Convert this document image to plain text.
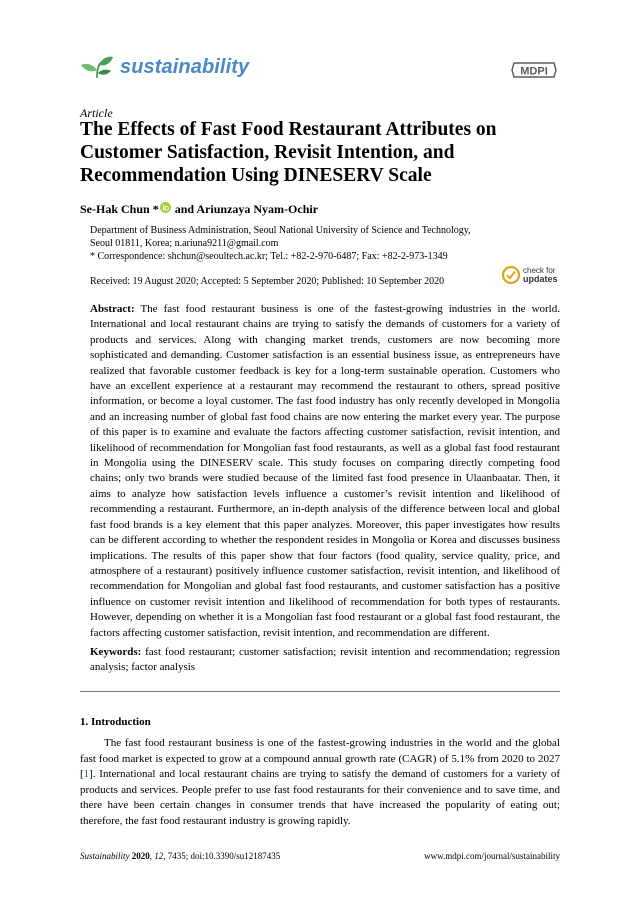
sustainability	MDPI
Article
The Effects of Fast Food Restaurant Attributes on Customer Satisfaction, Revisit Intention, and Recommendation Using DINESERV Scale
Se-Hak Chun * and Ariunzaya Nyam-Ochir

Department of Business Administration, Seoul National University of Science and Technology,

Seoul 01811, Korea; n.ariuna9211@gmail.com

* Correspondence: shchun@seoultech.ac.kr; Tel.: +82-2-970-6487; Fax: +82-2-973-1349

Received: 19 August 2020; Accepted: 5 September 2020; Published: 10 September 2020
check for
updates

Abstract: The fast food restaurant business is one of the fastest-growing industries in the world. International and local restaurant chains are trying to satisfy the demands of customers for a variety of products and services. Along with changing market trends, customers are now becoming more sophisticated and demanding. Customer satisfaction is an essential business issue, as entrepreneurs have realized that favorable customer feedback is key for a long-term sustainable operation. Customers who have an excellent experience at a restaurant may recommend the restaurant to others, spread positive information, or become a loyal customer. The fast food industry has only recently developed in Mongolia and an increasing number of global fast food chains are now entering the market every year. The purpose of this paper is to examine and evaluate the factors affecting customer satisfaction, revisit intention, and likelihood of recommendation for Mongolian fast food restaurants, as well as a global fast food restaurant in Mongolia using the DINESERV scale. This study focuses on comparing directly competing food chains; only two brands were studied because of the limited fast food presence in Ulaanbaatar. Then, it aims to analyze how satisfaction levels influence a customer’s revisit intention and likelihood of recommending a restaurant. Furthermore, an in-depth analysis of the difference between local and global fast food brands is a key element that this paper analyzes. Moreover, this paper investigates how results can be different according to whether the respondent resides in Mongolia or Korea and discusses business implications. The results of this paper show that four factors (food quality, service quality, price, and atmosphere of a restaurant) positively influence customer satisfaction, revisit intention, and likelihood of recommendation for Mongolian and global fast food restaurants, and customer satisfaction has a positive influence on customer revisit intention and likelihood of recommendation for both types of restaurants. However, depending on whether it is a Mongolian fast food restaurant or a global fast food restaurant, the factors affecting customer satisfaction, revisit intention, and recommendation are different.

Keywords: fast food restaurant; customer satisfaction; revisit intention and recommendation; regression analysis; factor analysis

1. Introduction

The fast food restaurant business is one of the fastest-growing industries in the world and the global fast food market is expected to grow at a compound annual growth rate (CAGR) of 5.1% from 2020 to 2027 [1]. International and local restaurant chains are trying to satisfy the demand of customers for a variety of products and services. People prefer to use fast food restaurants for their convenience and to save time, and there have been certain changes in consumer trends that have increased the popularity of eating out; therefore, the fast food restaurant industry is growing rapidly.

Sustainability 2020, 12, 7435; doi:10.3390/su12187435	www.mdpi.com/journal/sustainability
